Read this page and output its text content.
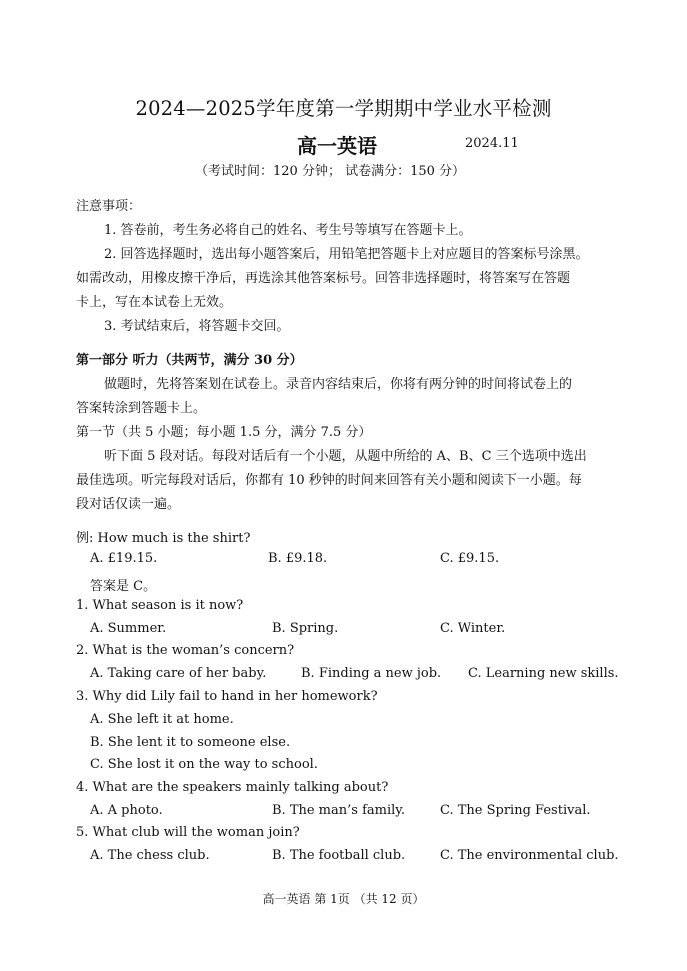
2024—2025学年度第一学期期中学业水平检测
高一英语	2024.11
（考试时间：120 分钟； 试卷满分：150 分）
注意事项：
1. 答卷前，考生务必将自己的姓名、考生号等填写在答题卡上。
2. 回答选择题时，选出每小题答案后，用铅笔把答题卡上对应题目的答案标号涂黑。
如需改动，用橡皮擦干净后，再选涂其他答案标号。回答非选择题时，将答案写在答题
卡上，写在本试卷上无效。
3. 考试结束后，将答题卡交回。
第一部分 听力（共两节，满分 30 分）
做题时，先将答案划在试卷上。录音内容结束后，你将有两分钟的时间将试卷上的
答案转涂到答题卡上。
第一节（共 5 小题；每小题 1.5 分，满分 7.5 分）
听下面 5 段对话。每段对话后有一个小题，从题中所给的 A、B、C 三个选项中选出
最佳选项。听完每段对话后，你都有 10 秒钟的时间来回答有关小题和阅读下一小题。每
段对话仅读一遍。
例: How much is the shirt?
A. £19.15.	B. £9.18.	C. £9.15.
答案是 C。
1. What season is it now?
A. Summer.	B. Spring.	C. Winter.
2. What is the woman’s concern?
A. Taking care of her baby.	B. Finding a new job. C. Learning new skills.
3. Why did Lily fail to hand in her homework?
A. She left it at home.
B. She lent it to someone else.
C. She lost it on the way to school.
4. What are the speakers mainly talking about?
A. A photo.	B. The man’s family.	C. The Spring Festival.
5. What club will the woman join?
A. The chess club.	B. The football club.	C. The environmental club.
高一英语 第 1页 （共 12 页）
